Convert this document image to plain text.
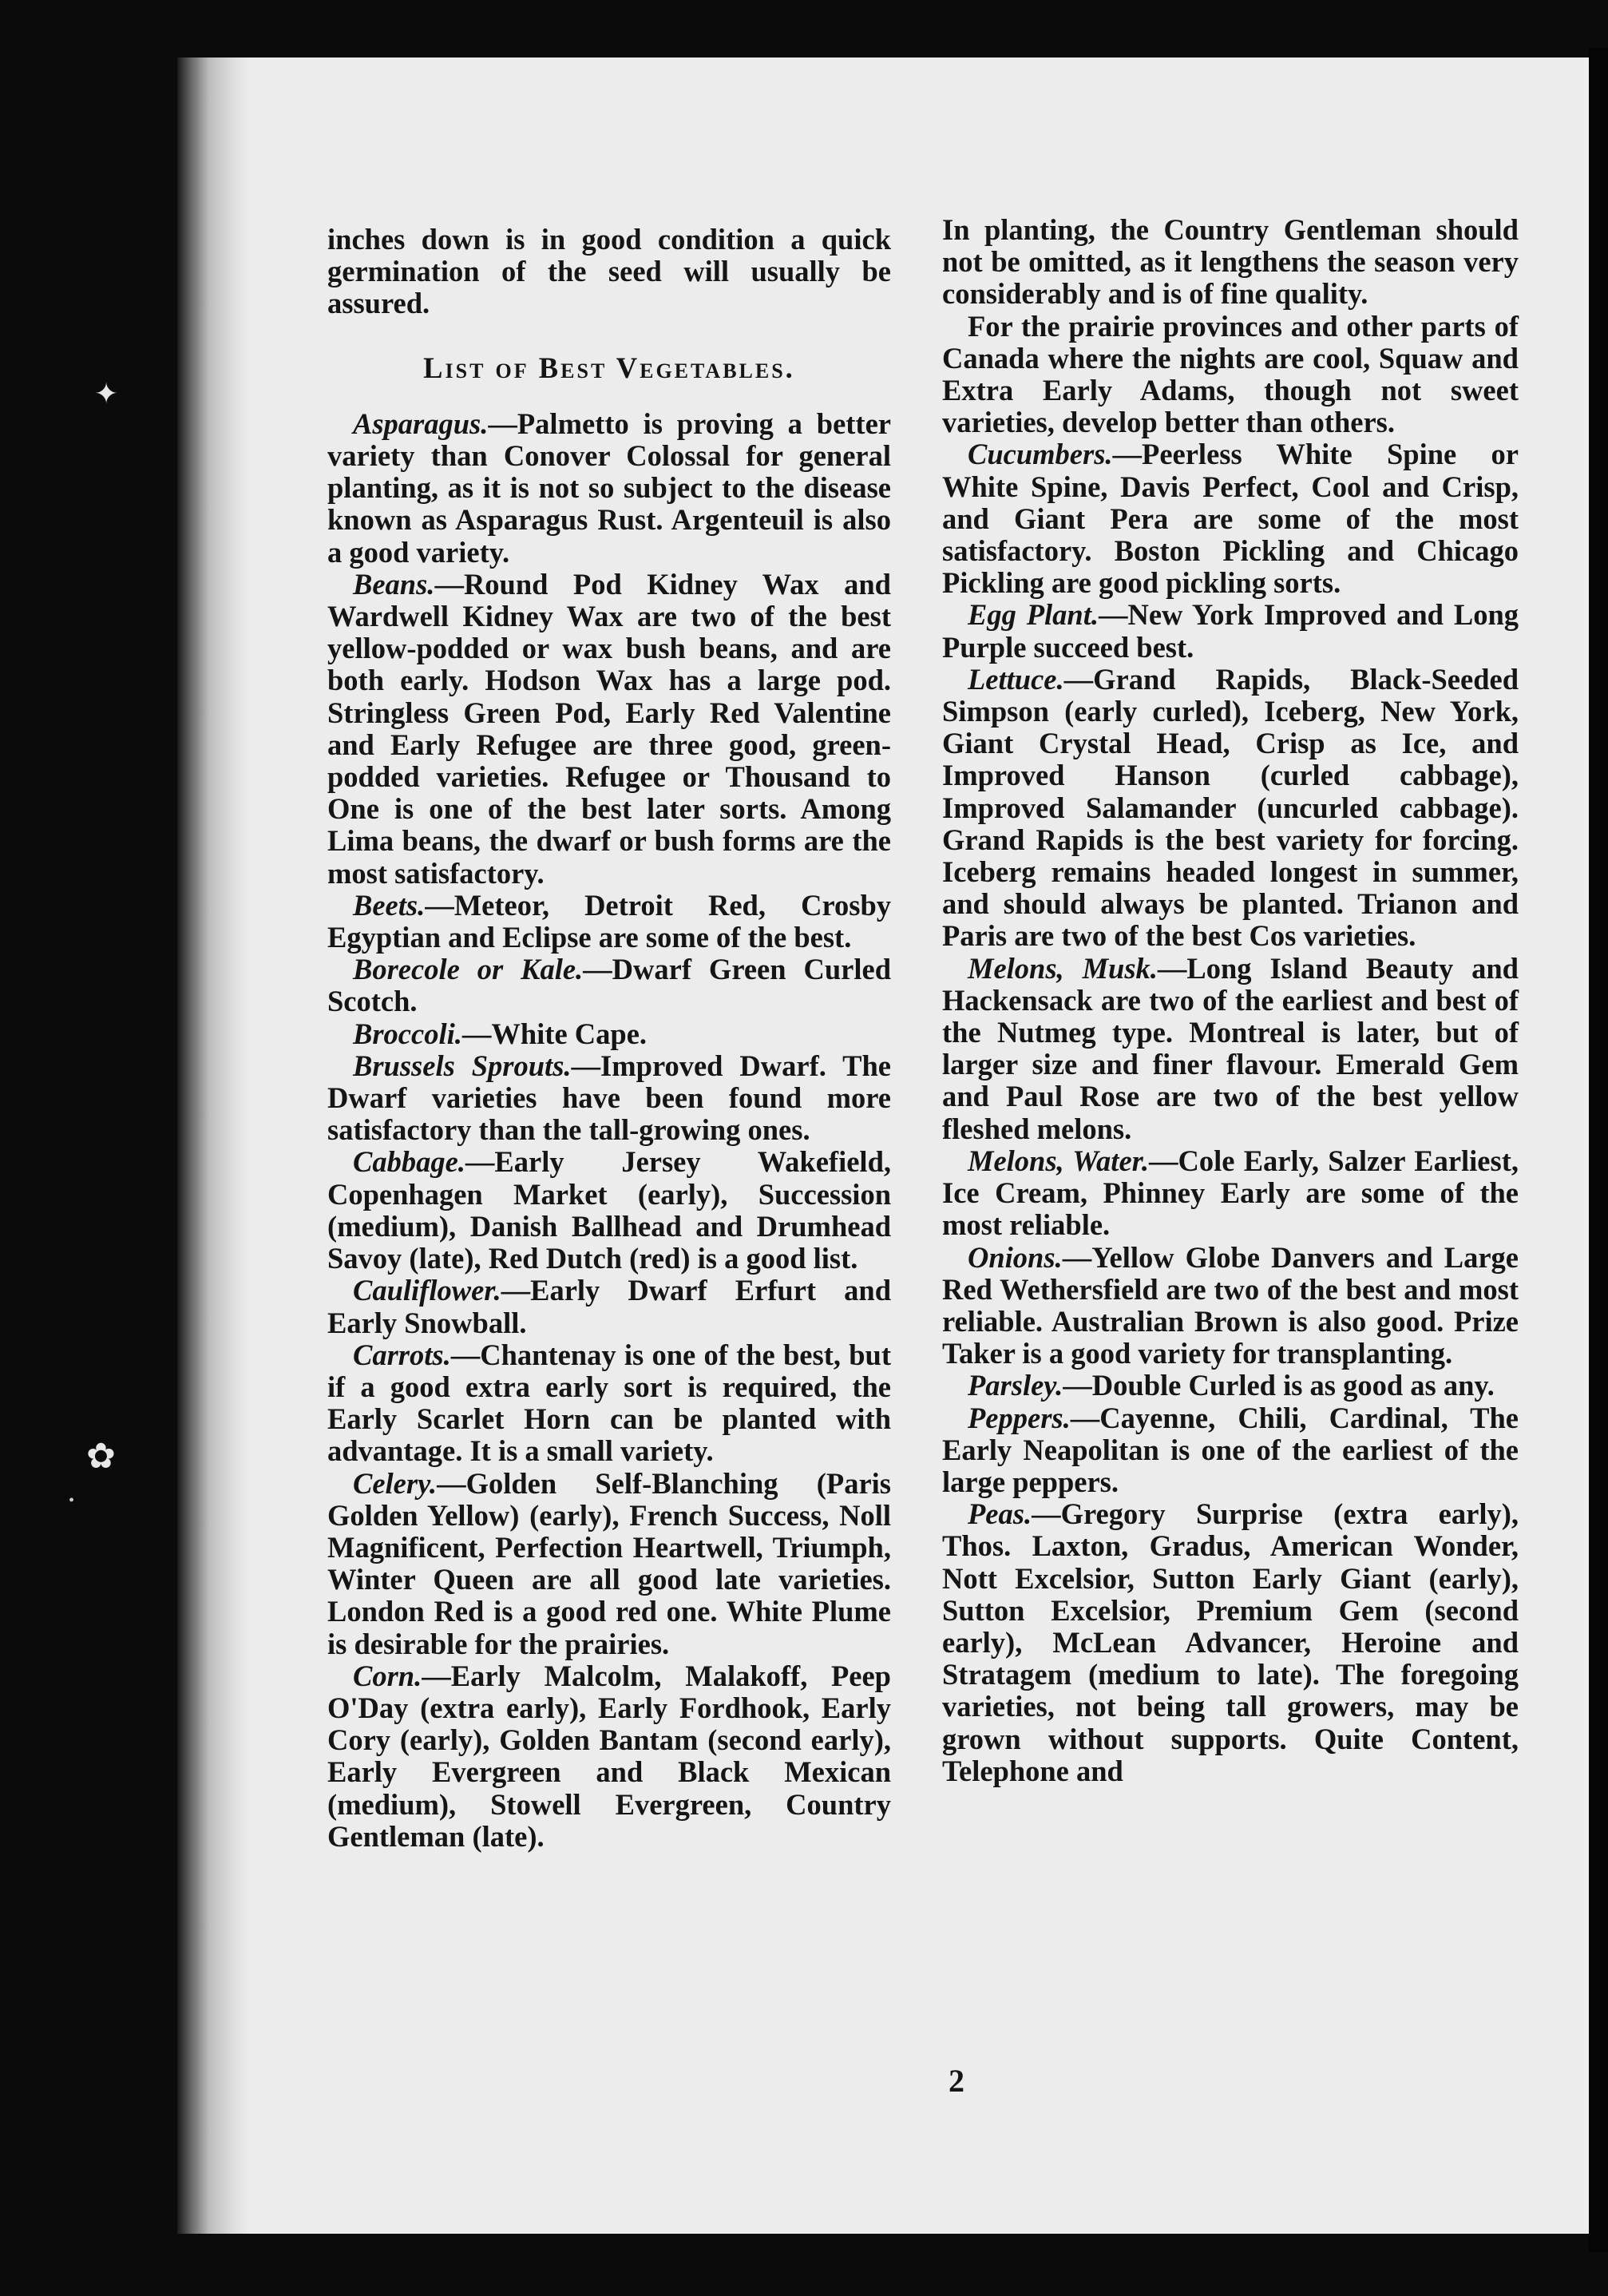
✦
✿
•

inches down is in good condition a quick germination of the seed will usually be assured.

List of Best Vegetables.

Asparagus.—Palmetto is proving a better variety than Conover Colossal for general planting, as it is not so subject to the disease known as Asparagus Rust. Argenteuil is also a good variety.

Beans.—Round Pod Kidney Wax and Wardwell Kidney Wax are two of the best yellow-podded or wax bush beans, and are both early. Hodson Wax has a large pod. Stringless Green Pod, Early Red Valentine and Early Refugee are three good, green-podded varieties. Refugee or Thousand to One is one of the best later sorts. Among Lima beans, the dwarf or bush forms are the most satisfactory.

Beets.—Meteor, Detroit Red, Crosby Egyptian and Eclipse are some of the best.

Borecole or Kale.—Dwarf Green Curled Scotch.

Broccoli.—White Cape.

Brussels Sprouts.—Improved Dwarf. The Dwarf varieties have been found more satisfactory than the tall-growing ones.

Cabbage.—Early Jersey Wakefield, Copenhagen Market (early), Succession (medium), Danish Ballhead and Drumhead Savoy (late), Red Dutch (red) is a good list.

Cauliflower.—Early Dwarf Erfurt and Early Snowball.

Carrots.—Chantenay is one of the best, but if a good extra early sort is required, the Early Scarlet Horn can be planted with advantage. It is a small variety.

Celery.—Golden Self-Blanching (Paris Golden Yellow) (early), French Success, Noll Magnificent, Perfection Heartwell, Triumph, Winter Queen are all good late varieties. London Red is a good red one. White Plume is desirable for the prairies.

Corn.—Early Malcolm, Malakoff, Peep O'Day (extra early), Early Fordhook, Early Cory (early), Golden Bantam (second early), Early Evergreen and Black Mexican (medium), Stowell Evergreen, Country Gentleman (late).

In planting, the Country Gentleman should not be omitted, as it lengthens the season very considerably and is of fine quality.

For the prairie provinces and other parts of Canada where the nights are cool, Squaw and Extra Early Adams, though not sweet varieties, develop better than others.

Cucumbers.—Peerless White Spine or White Spine, Davis Perfect, Cool and Crisp, and Giant Pera are some of the most satisfactory. Boston Pickling and Chicago Pickling are good pickling sorts.

Egg Plant.—New York Improved and Long Purple succeed best.

Lettuce.—Grand Rapids, Black-Seeded Simpson (early curled), Iceberg, New York, Giant Crystal Head, Crisp as Ice, and Improved Hanson (curled cabbage), Improved Salamander (uncurled cabbage). Grand Rapids is the best variety for forcing. Iceberg remains headed longest in summer, and should always be planted. Trianon and Paris are two of the best Cos varieties.

Melons, Musk.—Long Island Beauty and Hackensack are two of the earliest and best of the Nutmeg type. Montreal is later, but of larger size and finer flavour. Emerald Gem and Paul Rose are two of the best yellow fleshed melons.

Melons, Water.—Cole Early, Salzer Earliest, Ice Cream, Phinney Early are some of the most reliable.

Onions.—Yellow Globe Danvers and Large Red Wethersfield are two of the best and most reliable. Australian Brown is also good. Prize Taker is a good variety for transplanting.

Parsley.—Double Curled is as good as any.

Peppers.—Cayenne, Chili, Cardinal, The Early Neapolitan is one of the earliest of the large peppers.

Peas.—Gregory Surprise (extra early), Thos. Laxton, Gradus, American Wonder, Nott Excelsior, Sutton Early Giant (early), Sutton Excelsior, Premium Gem (second early), McLean Advancer, Heroine and Stratagem (medium to late). The foregoing varieties, not being tall growers, may be grown without supports. Quite Content, Telephone and

2
